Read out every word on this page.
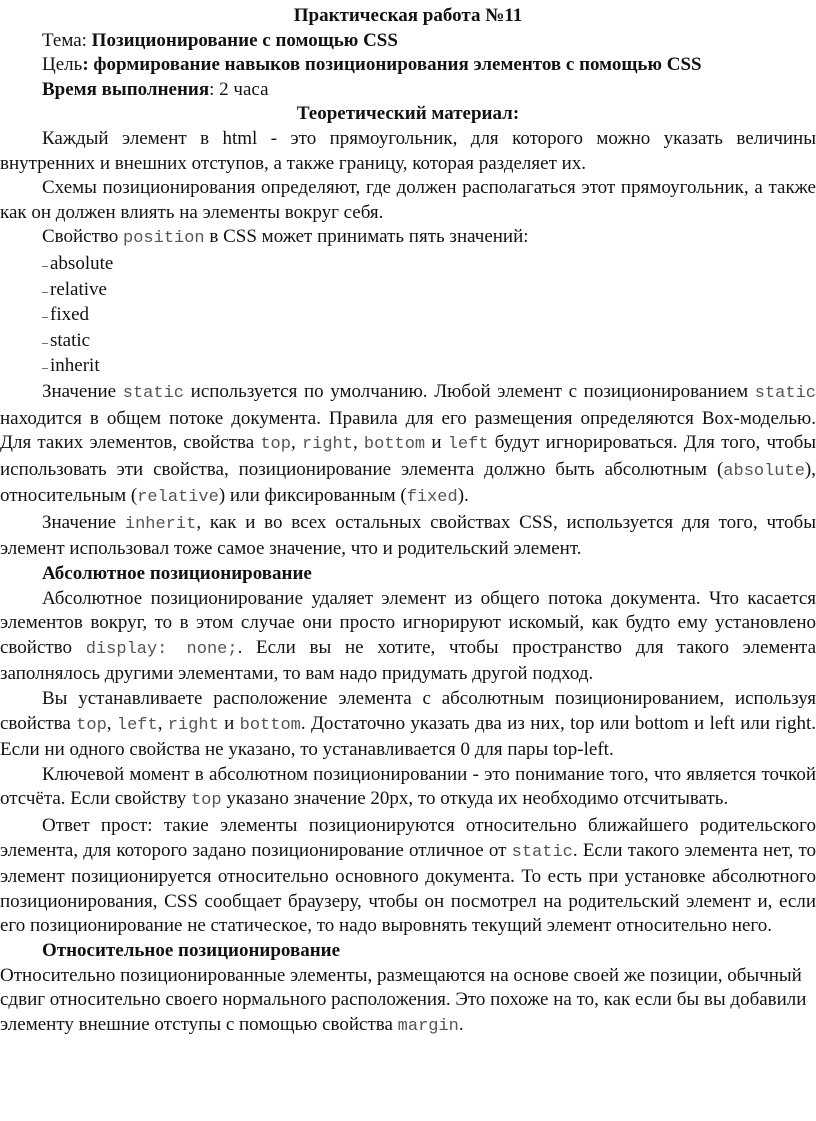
Практическая работа №11

Тема: Позиционирование с помощью CSS

Цель: формирование навыков позиционирования элементов с помощью CSS

Время выполнения: 2 часа

Теоретический материал:

Каждый элемент в html - это прямоугольник, для которого можно указать величины внутренних и внешних отступов, а также границу, которая разделяет их.

Схемы позиционирования определяют, где должен располагаться этот прямоугольник, а также как он должен влиять на элементы вокруг себя.

Свойство position в CSS может принимать пять значений:

– absolute
– relative
– fixed
– static
– inherit

Значение static используется по умолчанию. Любой элемент с позиционированием static находится в общем потоке документа. Правила для его размещения определяются Box-моделью. Для таких элементов, свойства top, right, bottom и left будут игнорироваться. Для того, чтобы использовать эти свойства, позиционирование элемента должно быть абсолютным (absolute), относительным (relative) или фиксированным (fixed).

Значение inherit, как и во всех остальных свойствах CSS, используется для того, чтобы элемент использовал тоже самое значение, что и родительский элемент.

Абсолютное позиционирование

Абсолютное позиционирование удаляет элемент из общего потока документа. Что касается элементов вокруг, то в этом случае они просто игнорируют искомый, как будто ему установлено свойство display: none;. Если вы не хотите, чтобы пространство для такого элемента заполнялось другими элементами, то вам надо придумать другой подход.

Вы устанавливаете расположение элемента с абсолютным позиционированием, используя свойства top, left, right и bottom. Достаточно указать два из них, top или bottom и left или right. Если ни одного свойства не указано, то устанавливается 0 для пары top-left.

Ключевой момент в абсолютном позиционировании - это понимание того, что является точкой отсчёта. Если свойству top указано значение 20px, то откуда их необходимо отсчитывать.

Ответ прост: такие элементы позиционируются относительно ближайшего родительского элемента, для которого задано позиционирование отличное от static. Если такого элемента нет, то элемент позиционируется относительно основного документа. То есть при установке абсолютного позиционирования, CSS сообщает браузеру, чтобы он посмотрел на родительский элемент и, если его позиционирование не статическое, то надо выровнять текущий элемент относительно него.

Относительное позиционирование

Относительно позиционированные элементы, размещаются на основе своей же позиции, обычный сдвиг относительно своего нормального расположения. Это похоже на то, как если бы вы добавили элементу внешние отступы с помощью свойства margin.
